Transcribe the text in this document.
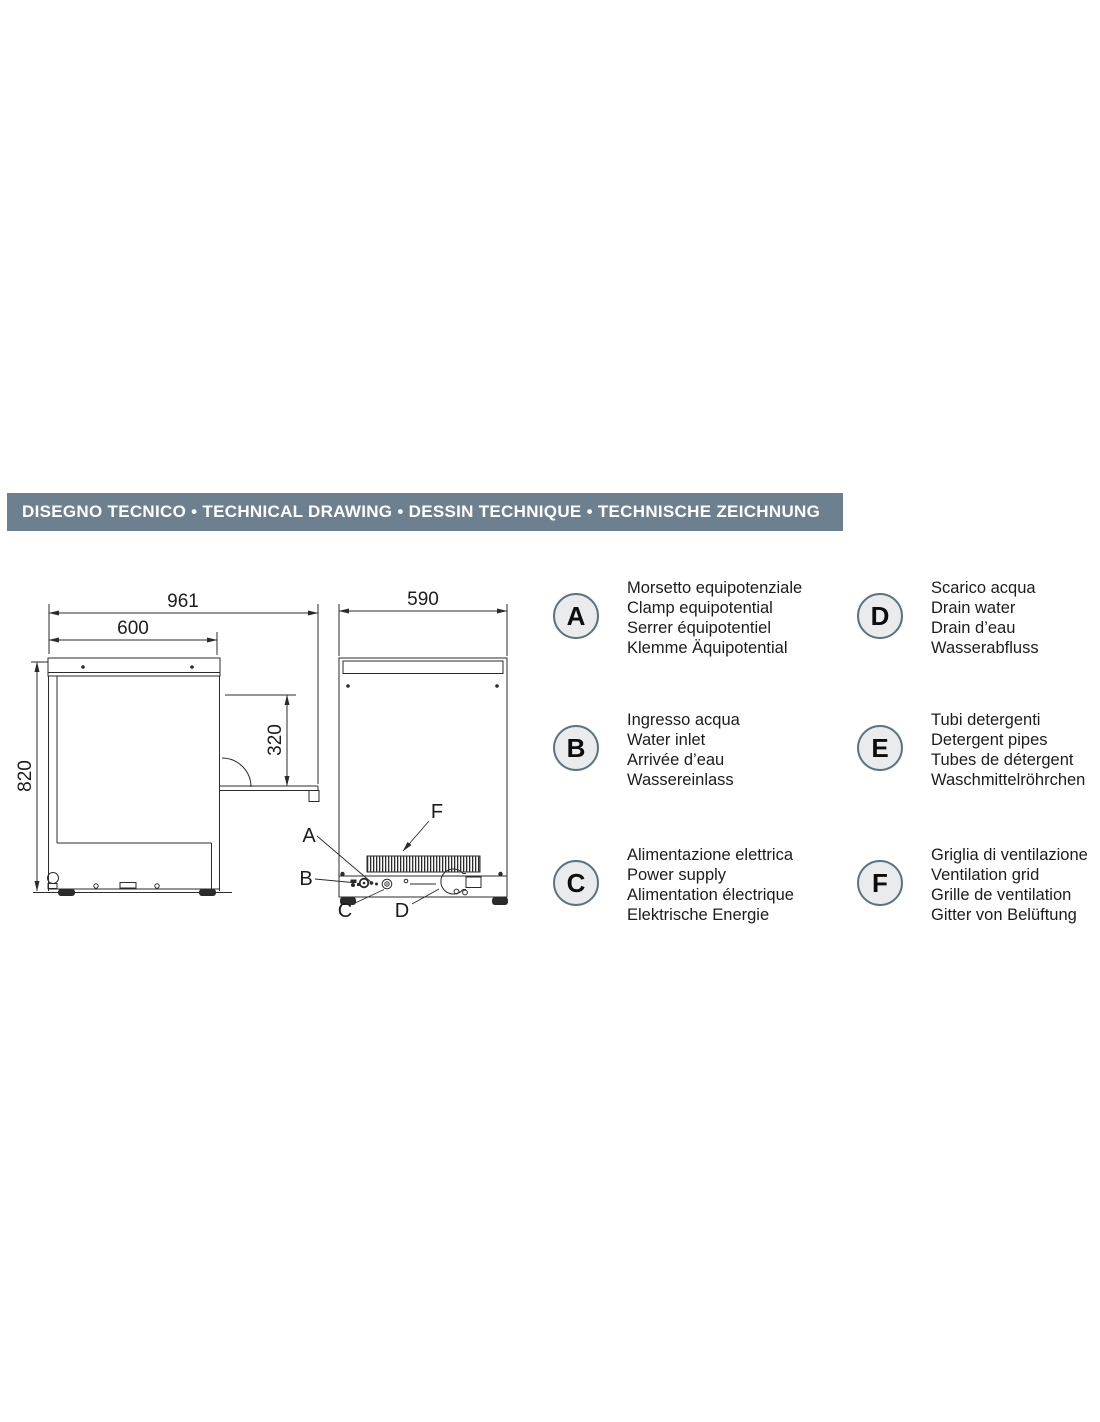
DISEGNO TECNICO • TECHNICAL DRAWING • DESSIN TECHNIQUE • TECHNISCHE ZEICHNUNG
961
600
820
320
590
A
B
C D
F
A
Morsetto equipotenziale
Clamp equipotential
Serrer équipotentiel
Klemme Äquipotential
B
Ingresso acqua
Water inlet
Arrivée d’eau
Wassereinlass
C
Alimentazione elettrica
Power supply
Alimentation électrique
Elektrische Energie
D
Scarico acqua
Drain water
Drain d’eau
Wasserabfluss
E
Tubi detergenti
Detergent pipes
Tubes de détergent
Waschmittelröhrchen
F
Griglia di ventilazione
Ventilation grid
Grille de ventilation
Gitter von Belüftung
